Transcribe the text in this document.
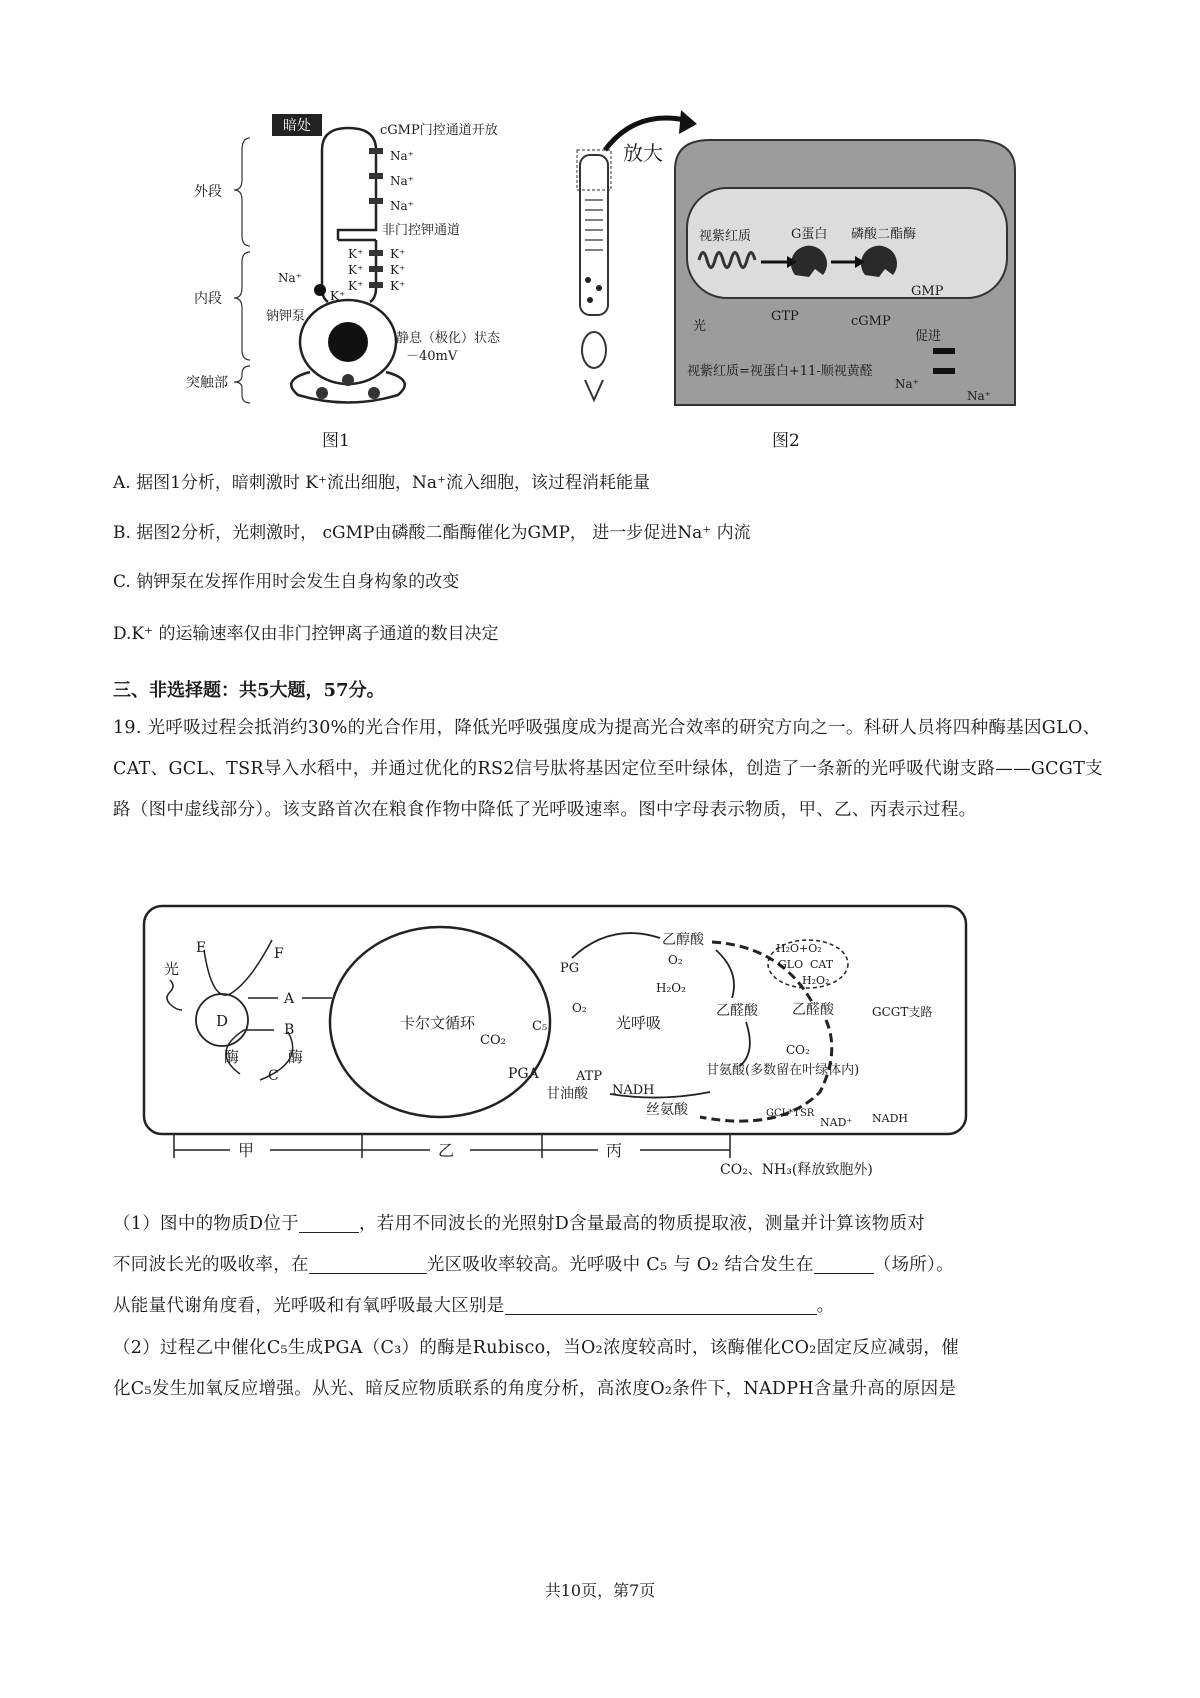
暗处	cGMP门控通道开放
Na⁺
Na⁺
Na⁺
非门控钾通道
K⁺
K⁺
K⁺
K⁺
K⁺
K⁺
Na⁺
K⁺
钠钾泵
外段
内段
突触部
静息（极化）状态
－40mV
图1
放大
视紫红质	G蛋白 磷酸二酯酶
光
GTP
GMP
cGMP
促进
视紫红质=视蛋白+11-顺视黄醛
Na⁺
Na⁺
图2
A. 据图1分析，暗刺激时 K⁺流出细胞，Na⁺流入细胞，该过程消耗能量
B. 据图2分析，光刺激时， cGMP由磷酸二酯酶催化为GMP， 进一步促进Na⁺ 内流
C. 钠钾泵在发挥作用时会发生自身构象的改变
D.K⁺ 的运输速率仅由非门控钾离子通道的数目决定
三、非选择题：共5大题，57分。
19. 光呼吸过程会抵消约30%的光合作用，降低光呼吸强度成为提高光合效率的研究方向之一。科研人员将四种酶基因GLO、CAT、GCL、TSR导入水稻中，并通过优化的RS2信号肽将基因定位至叶绿体，创造了一条新的光呼吸代谢支路——GCGT支路（图中虚线部分）。该支路首次在粮食作物中降低了光呼吸速率。图中字母表示物质，甲、乙、丙表示过程。
光
D
E	F
A
B
C
酶	酶
卡尔文循环
CO₂
C₅
PG
O₂
PGA	ATP
甘油酸 NADH
丝氨酸
光呼吸
乙醇酸
O₂
H₂O₂
乙醛酸
甘氨酸(多数留在叶绿体内)
H₂O+O₂
GLO CAT
H₂O₂
乙醛酸	GCGT支路
CO₂
GCL*TSR
NAD⁺ NADH
甲	乙	丙
CO₂、NH₃(释放致胞外)
（1）图中的物质D位于	，若用不同波长的光照射D含量最高的物质提取液，测量并计算该物质对
不同波长光的吸收率，在	光区吸收率较高。光呼吸中 C₅ 与 O₂ 结合发生在	（场所）。
从能量代谢角度看，光呼吸和有氧呼吸最大区别是	。
（2）过程乙中催化C₅生成PGA（C₃）的酶是Rubisco，当O₂浓度较高时，该酶催化CO₂固定反应减弱，催
化C₅发生加氧反应增强。从光、暗反应物质联系的角度分析，高浓度O₂条件下，NADPH含量升高的原因是
共10页，第7页
